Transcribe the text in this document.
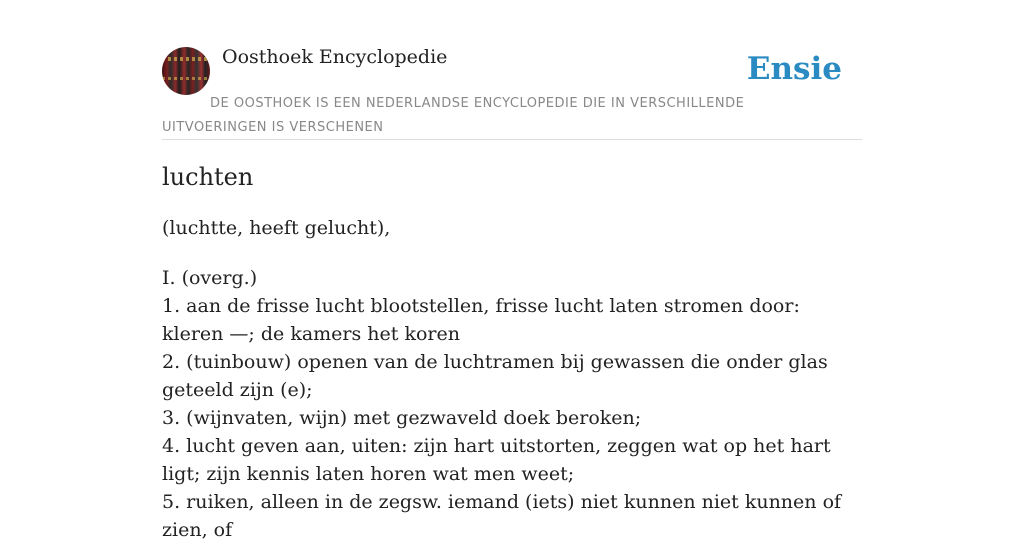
Oosthoek Encyclopedie	Ensie
DE OOSTHOEK IS EEN NEDERLANDSE ENCYCLOPEDIE DIE IN VERSCHILLENDE UITVOERINGEN IS VERSCHENEN
luchten
(luchtte, heeft gelucht),
I. (overg.)
1. aan de frisse lucht blootstellen, frisse lucht laten stromen door: kleren —; de kamers het koren
2. (tuinbouw) openen van de luchtramen bij gewassen die onder glas geteeld zijn (e);
3. (wijnvaten, wijn) met gezwaveld doek beroken;
4. lucht geven aan, uiten: zijn hart uitstorten, zeggen wat op het hart ligt; zijn kennis laten horen wat men weet;
5. ruiken, alleen in de zegsw. iemand (iets) niet kunnen niet kunnen of zien, of
